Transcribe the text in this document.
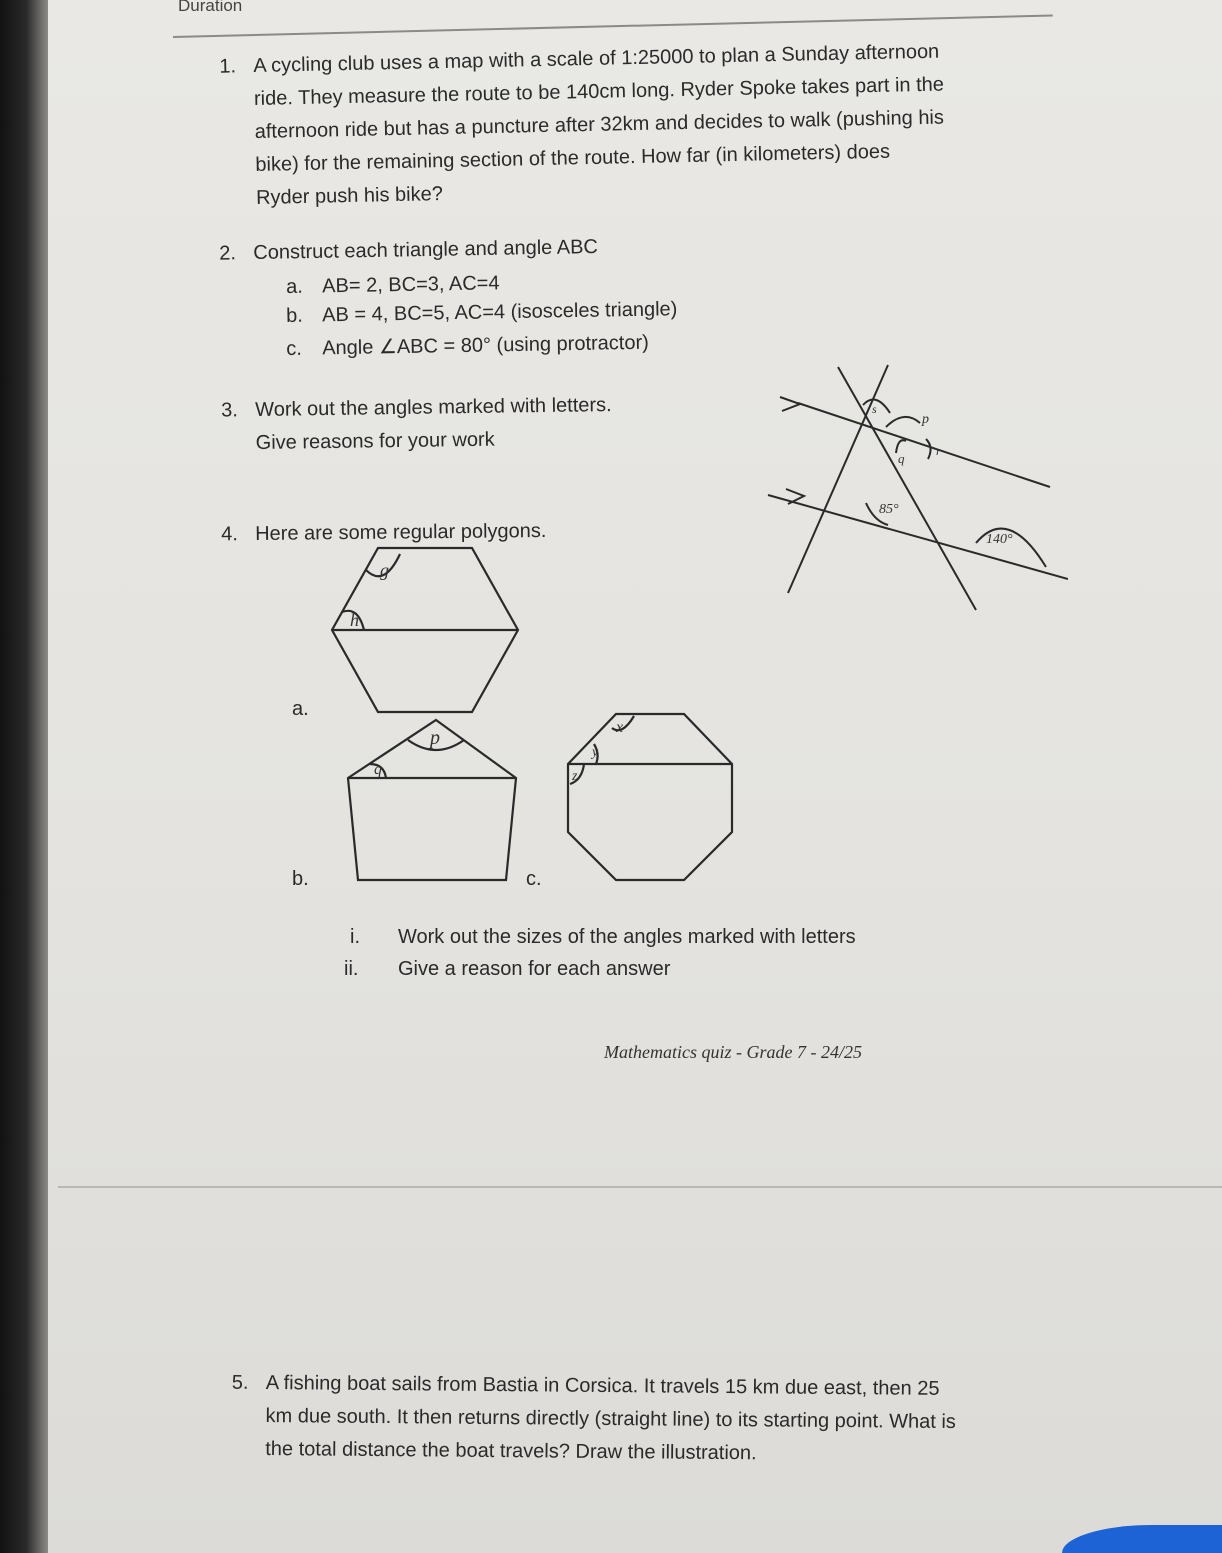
Duration
1. A cycling club uses a map with a scale of 1:25000 to plan a Sunday afternoon
ride. They measure the route to be 140cm long. Ryder Spoke takes part in the
afternoon ride but has a puncture after 32km and decides to walk (pushing his
bike) for the remaining section of the route. How far (in kilometers) does
Ryder push his bike?
2. Construct each triangle and angle ABC
a. AB= 2, BC=3, AC=4
b. AB = 4, BC=5, AC=4 (isosceles triangle)
c. Angle ∠ABC = 80° (using protractor)
3. Work out the angles marked with letters.
Give reasons for your work
s
p
q	r
85°
140°
4. Here are some regular polygons.
g
h
a.
p
q
b.
x
y
z
c.
i. Work out the sizes of the angles marked with letters
ii. Give a reason for each answer
Mathematics quiz - Grade 7 - 24/25
5. A fishing boat sails from Bastia in Corsica. It travels 15 km due east, then 25
km due south. It then returns directly (straight line) to its starting point. What is
the total distance the boat travels? Draw the illustration.
